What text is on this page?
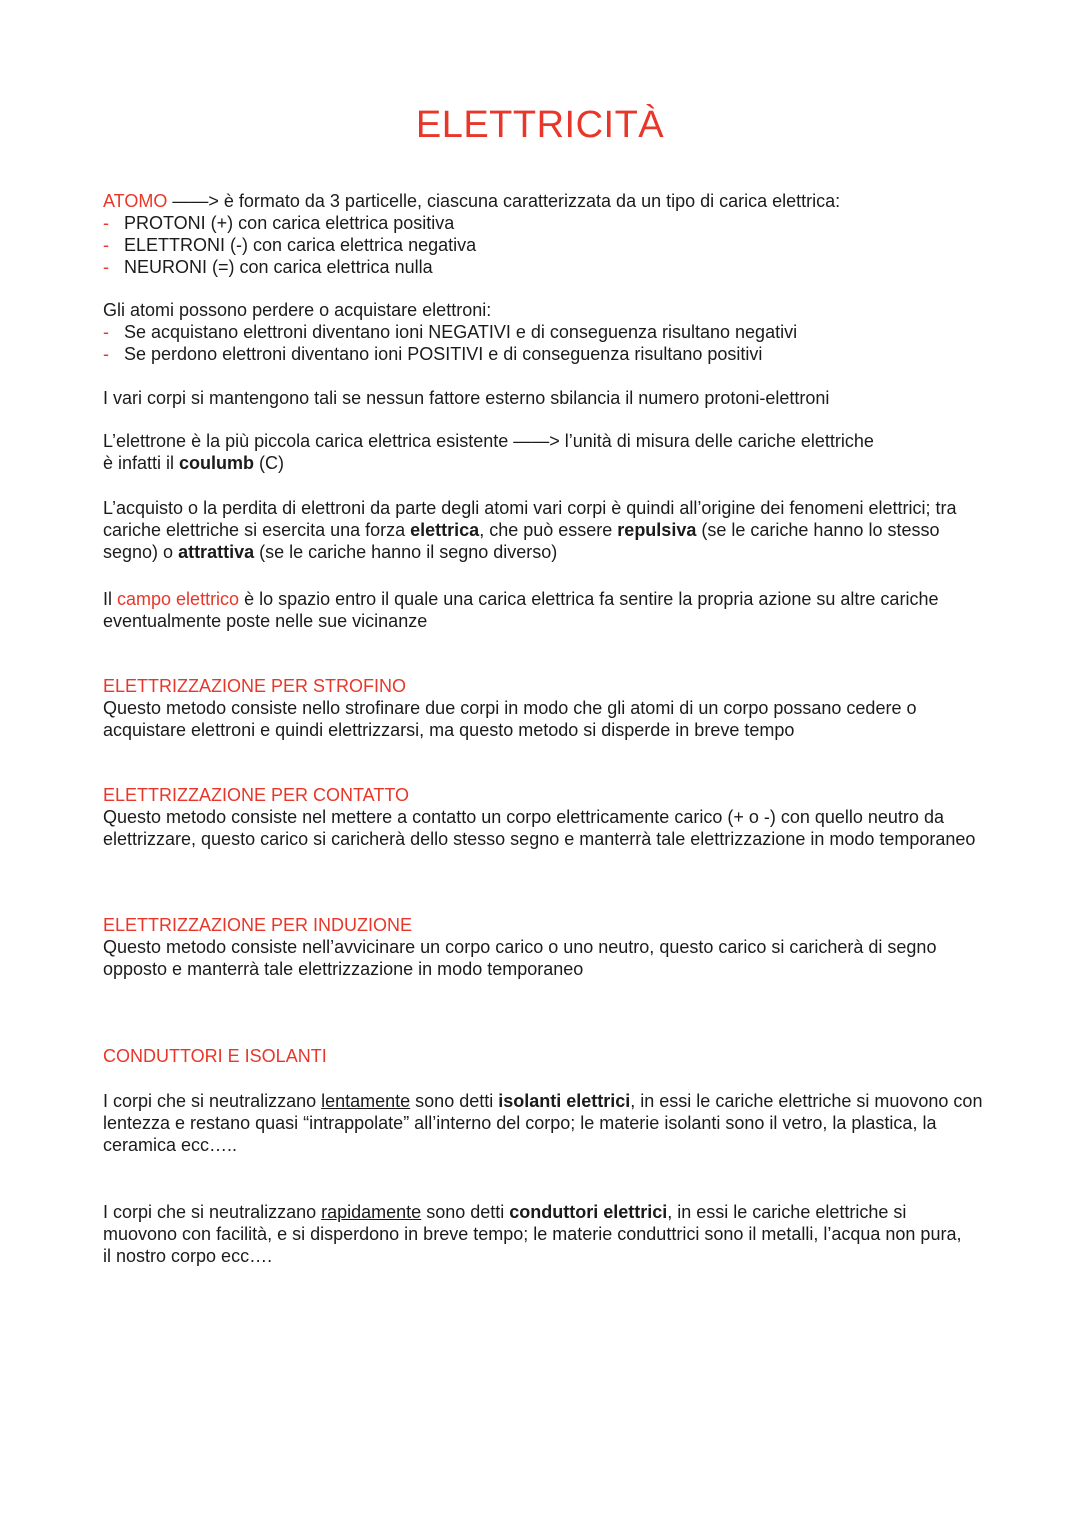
ELETTRICITÀ

ATOMO ——> è formato da 3 particelle, ciascuna caratterizzata da un tipo di carica elettrica:

- PROTONI (+) con carica elettrica positiva
- ELETTRONI (-) con carica elettrica negativa
- NEURONI (=) con carica elettrica nulla

Gli atomi possono perdere o acquistare elettroni:

- Se acquistano elettroni diventano ioni NEGATIVI e di conseguenza risultano negativi
- Se perdono elettroni diventano ioni POSITIVI e di conseguenza risultano positivi

I vari corpi si mantengono tali se nessun fattore esterno sbilancia il numero protoni-elettroni

L’elettrone è la più piccola carica elettrica esistente ——> l’unità di misura delle cariche elettriche

è infatti il coulumb (C)

L’acquisto o la perdita di elettroni da parte degli atomi vari corpi è quindi all’origine dei fenomeni elettrici; tra cariche elettriche si esercita una forza elettrica, che può essere repulsiva (se le cariche hanno lo stesso segno) o attrattiva (se le cariche hanno il segno diverso)

Il campo elettrico è lo spazio entro il quale una carica elettrica fa sentire la propria azione su altre cariche eventualmente poste nelle sue vicinanze

ELETTRIZZAZIONE PER STROFINO

Questo metodo consiste nello strofinare due corpi in modo che gli atomi di un corpo possano cedere o acquistare elettroni e quindi elettrizzarsi, ma questo metodo si disperde in breve tempo

ELETTRIZZAZIONE PER CONTATTO

Questo metodo consiste nel mettere a contatto un corpo elettricamente carico (+ o -) con quello neutro da elettrizzare, questo carico si caricherà dello stesso segno e manterrà tale elettrizzazione in modo temporaneo

ELETTRIZZAZIONE PER INDUZIONE

Questo metodo consiste nell’avvicinare un corpo carico o uno neutro, questo carico si caricherà di segno opposto e manterrà tale elettrizzazione in modo temporaneo

CONDUTTORI E ISOLANTI

I corpi che si neutralizzano lentamente sono detti isolanti elettrici, in essi le cariche elettriche si muovono con lentezza e restano quasi “intrappolate” all’interno del corpo; le materie isolanti sono il vetro, la plastica, la ceramica ecc…..

I corpi che si neutralizzano rapidamente sono detti conduttori elettrici, in essi le cariche elettriche si muovono con facilità, e si disperdono in breve tempo; le materie conduttrici sono il metalli, l’acqua non pura, il nostro corpo ecc….
